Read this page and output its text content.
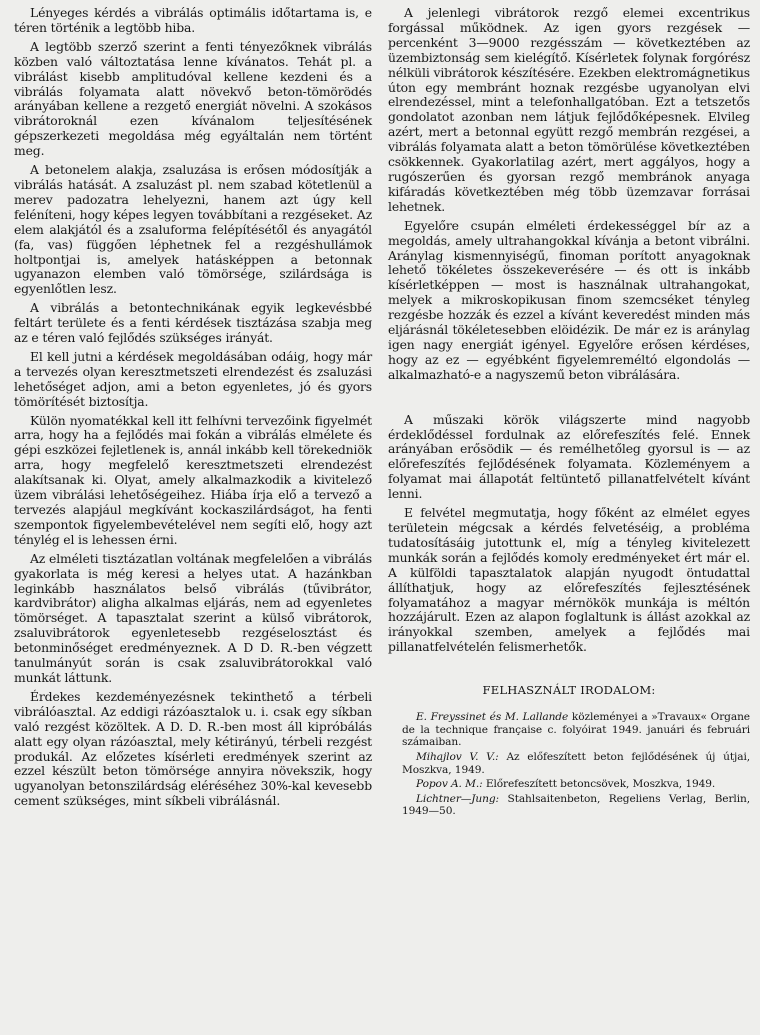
Lényeges kérdés a vibrálás optimális időtartama is, e téren történik a legtöbb hiba.

A legtöbb szerző szerint a fenti tényezőknek vibrálás közben való változtatása lenne kívánatos. Tehát pl. a vibrálást kisebb amplitudóval kellene kezdeni és a vibrálás folyamata alatt növekvő beton-tömörödés arányában kellene a rezgető energiát növelni. A szokásos vibrátoroknál ezen kívánalom teljesítésének gépszerkezeti megoldása még egyáltalán nem történt meg.

A betonelem alakja, zsaluzása is erősen módosítják a vibrálás hatását. A zsaluzást pl. nem szabad kötetlenül a merev padozatra lehelyezni, hanem azt úgy kell feléníteni, hogy képes legyen továbbítani a rezgéseket. Az elem alakjától és a zsaluforma felépítésétől és anyagától (fa, vas) függően léphetnek fel a rezgéshullámok holtpontjai is, amelyek hatásképpen a betonnak ugyanazon elemben való tömörsége, szilárdsága is egyenlőtlen lesz.

A vibrálás a betontechnikának egyik legkevésbbé feltárt területe és a fenti kérdések tisztázása szabja meg az e téren való fejlődés szükséges irányát.

El kell jutni a kérdések megoldásában odáig, hogy már a tervezés olyan keresztmetszeti elrendezést és zsaluzási lehetőséget adjon, ami a beton egyenletes, jó és gyors tömörítését biztosítja.

Külön nyomatékkal kell itt felhívni tervezőink figyelmét arra, hogy ha a fejlődés mai fokán a vibrálás elmélete és gépi eszközei fejletlenek is, annál inkább kell törekedniök arra, hogy megfelelő keresztmetszeti elrendezést alakítsanak ki. Olyat, amely alkalmazkodik a kivitelező üzem vibrálási lehetőségeihez. Hiába írja elő a tervező a tervezés alapjául megkívánt kockaszilárdságot, ha fenti szempontok figyelembevételével nem segíti elő, hogy azt ténylég el is lehessen érni.

Az elméleti tisztázatlan voltának megfelelően a vibrálás gyakorlata is még keresi a helyes utat. A hazánkban leginkább használatos belső vibrálás (tűvibrátor, kardvibrátor) aligha alkalmas eljárás, nem ad egyenletes tömörséget. A tapasztalat szerint a külső vibrátorok, zsaluvibrátorok egyenletesebb rezgéselosztást és betonminőséget eredményeznek. A D D. R.-ben végzett tanulmányút során is csak zsaluvibrátorokkal való munkát láttunk.

Érdekes kezdeményezésnek tekinthető a térbeli vibrálóasztal. Az eddigi rázóasztalok u. i. csak egy síkban való rezgést közöltek. A D. D. R.-ben most áll kipróbálás alatt egy olyan rázóasztal, mely kétirányú, térbeli rezgést produkál. Az előzetes kísérleti eredmények szerint az ezzel készült beton tömörsége annyira növekszik, hogy ugyanolyan betonszilárdság eléréséhez 30%-kal kevesebb cement szükséges, mint síkbeli vibrálásnál.

A jelenlegi vibrátorok rezgő elemei excentrikus forgással működnek. Az igen gyors rezgések — percenként 3—9000 rezgésszám — következtében az üzembiztonság sem kielégítő. Kísérletek folynak forgórész nélküli vibrátorok készítésére. Ezekben elektromágnetikus úton egy membránt hoznak rezgésbe ugyanolyan elvi elrendezéssel, mint a telefonhallgatóban. Ezt a tetszetős gondolatot azonban nem látjuk fejlődőképesnek. Elvileg azért, mert a betonnal együtt rezgő membrán rezgései, a vibrálás folyamata alatt a beton tömörülése következtében csökkennek. Gyakorlatilag azért, mert aggályos, hogy a rugószerűen és gyorsan rezgő membránok anyaga kifáradás következtében még több üzemzavar forrásai lehetnek.

Egyelőre csupán elméleti érdekességgel bír az a megoldás, amely ultrahangokkal kívánja a betont vibrálni. Aránylag kismennyiségű, finoman porított anyagoknak lehető tökéletes összekeverésére — és ott is inkább kísérletképpen — most is használnak ultrahangokat, melyek a mikroskopikusan finom szemcséket tényleg rezgésbe hozzák és ezzel a kívánt keveredést minden más eljárásnál tökéletesebben elöidézik. De már ez is aránylag igen nagy energiát igényel. Egyelőre erősen kérdéses, hogy az ez — egyébként figyelemreméltó elgondolás — alkalmazható-e a nagyszemű beton vibrálására.

A műszaki körök világszerte mind nagyobb érdeklődéssel fordulnak az előrefeszítés felé. Ennek arányában erősödik — és remélhetőleg gyorsul is — az előrefeszítés fejlődésének folyamata. Közleményem a folyamat mai állapotát feltüntető pillanatfelvételt kívánt lenni.

E felvétel megmutatja, hogy főként az elmélet egyes területein mégcsak a kérdés felvetéséig, a probléma tudatosításáig jutottunk el, míg a tényleg kivitelezett munkák során a fejlődés komoly eredményeket ért már el. A külföldi tapasztalatok alapján nyugodt öntudattal állíthatjuk, hogy az előrefeszítés fejlesztésének folyamatához a magyar mérnökök munkája is méltón hozzájárult. Ezen az alapon foglaltunk is állást azokkal az irányokkal szemben, amelyek a fejlődés mai pillanatfelvételén felismerhetők.

FELHASZNÁLT IRODALOM:
E. Freyssinet és M. Lallande közleményei a »Travaux« Organe de la technique française c. folyóirat 1949. januári és februári számaiban.
Mihajlov V. V.: Az előfeszített beton fejlődésének új útjai, Moszkva, 1949.
Popov A. M.: Előrefeszített betoncsövek, Moszkva, 1949.
Lichtner—Jung: Stahlsaitenbeton, Regeliens Verlag, Berlin, 1949—50.
